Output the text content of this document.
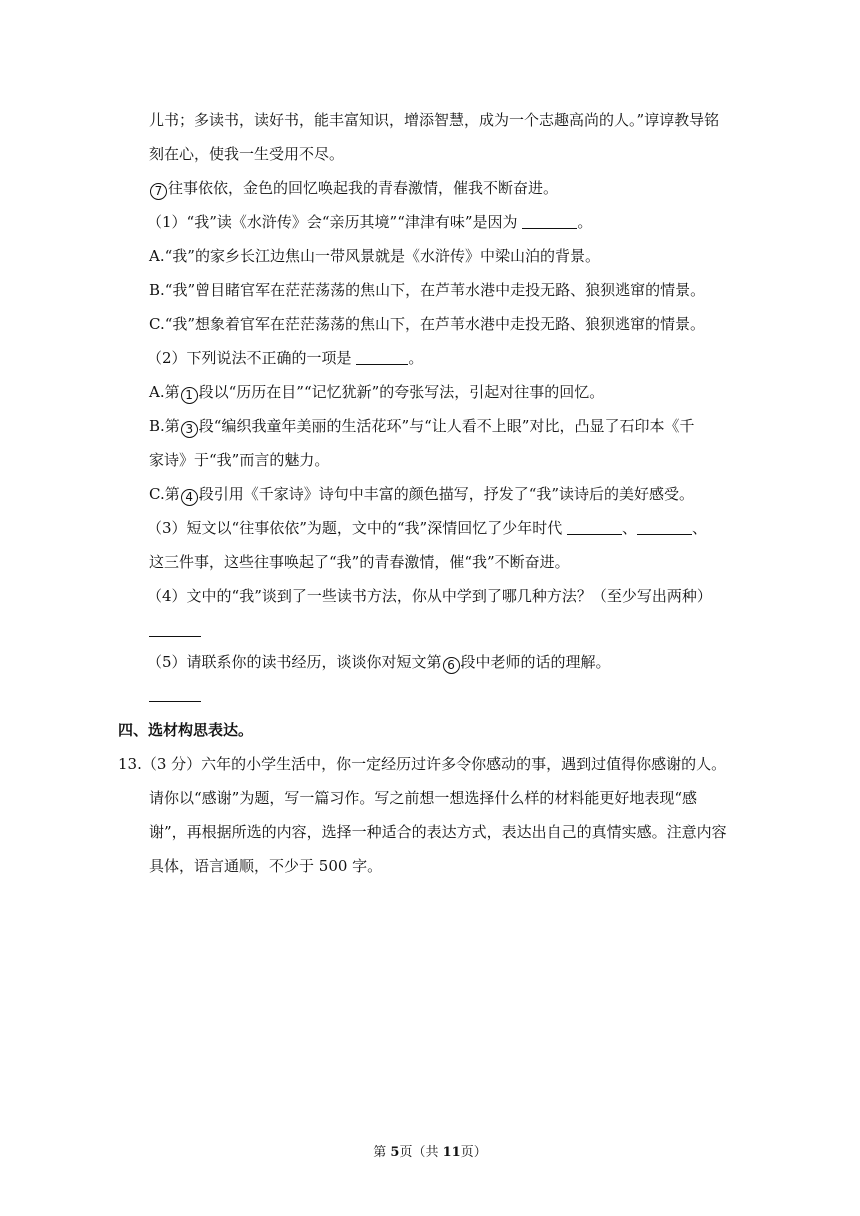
儿书；多读书，读好书，能丰富知识，增添智慧，成为一个志趣高尚的人。”谆谆教导铭
刻在心，使我一生受用不尽。
7 往事依依，金色的回忆唤起我的青春激情，催我不断奋进。
（1）“我”读《水浒传》会“亲历其境”“津津有味”是因为	。
A.“我”的家乡长江边焦山一带风景就是《水浒传》中梁山泊的背景。
B.“我”曾目睹官军在茫茫荡荡的焦山下，在芦苇水港中走投无路、狼狈逃窜的情景。
C.“我”想象着官军在茫茫荡荡的焦山下，在芦苇水港中走投无路、狼狈逃窜的情景。
（2）下列说法不正确的一项是	。
A.第 1 段以“历历在目”“记忆犹新”的夸张写法，引起对往事的回忆。
B.第 3 段“编织我童年美丽的生活花环”与“让人看不上眼”对比，凸显了石印本《千
家诗》于“我”而言的魅力。
C.第 4 段引用《千家诗》诗句中丰富的颜色描写，抒发了“我”读诗后的美好感受。
（3）短文以“往事依依”为题，文中的“我”深情回忆了少年时代	、	、
这三件事，这些往事唤起了“我”的青春激情，催“我”不断奋进。
（4）文中的“我”谈到了一些读书方法，你从中学到了哪几种方法？（至少写出两种）
（5）请联系你的读书经历，谈谈你对短文第 6 段中老师的话的理解。
四、选材构思表达。
13.（3 分）六年的小学生活中，你一定经历过许多令你感动的事，遇到过值得你感谢的人。
请你以“感谢”为题，写一篇习作。写之前想一想选择什么样的材料能更好地表现“感
谢”，再根据所选的内容，选择一种适合的表达方式，表达出自己的真情实感。注意内容
具体，语言通顺，不少于 500 字。
第 5页（共 11页）
